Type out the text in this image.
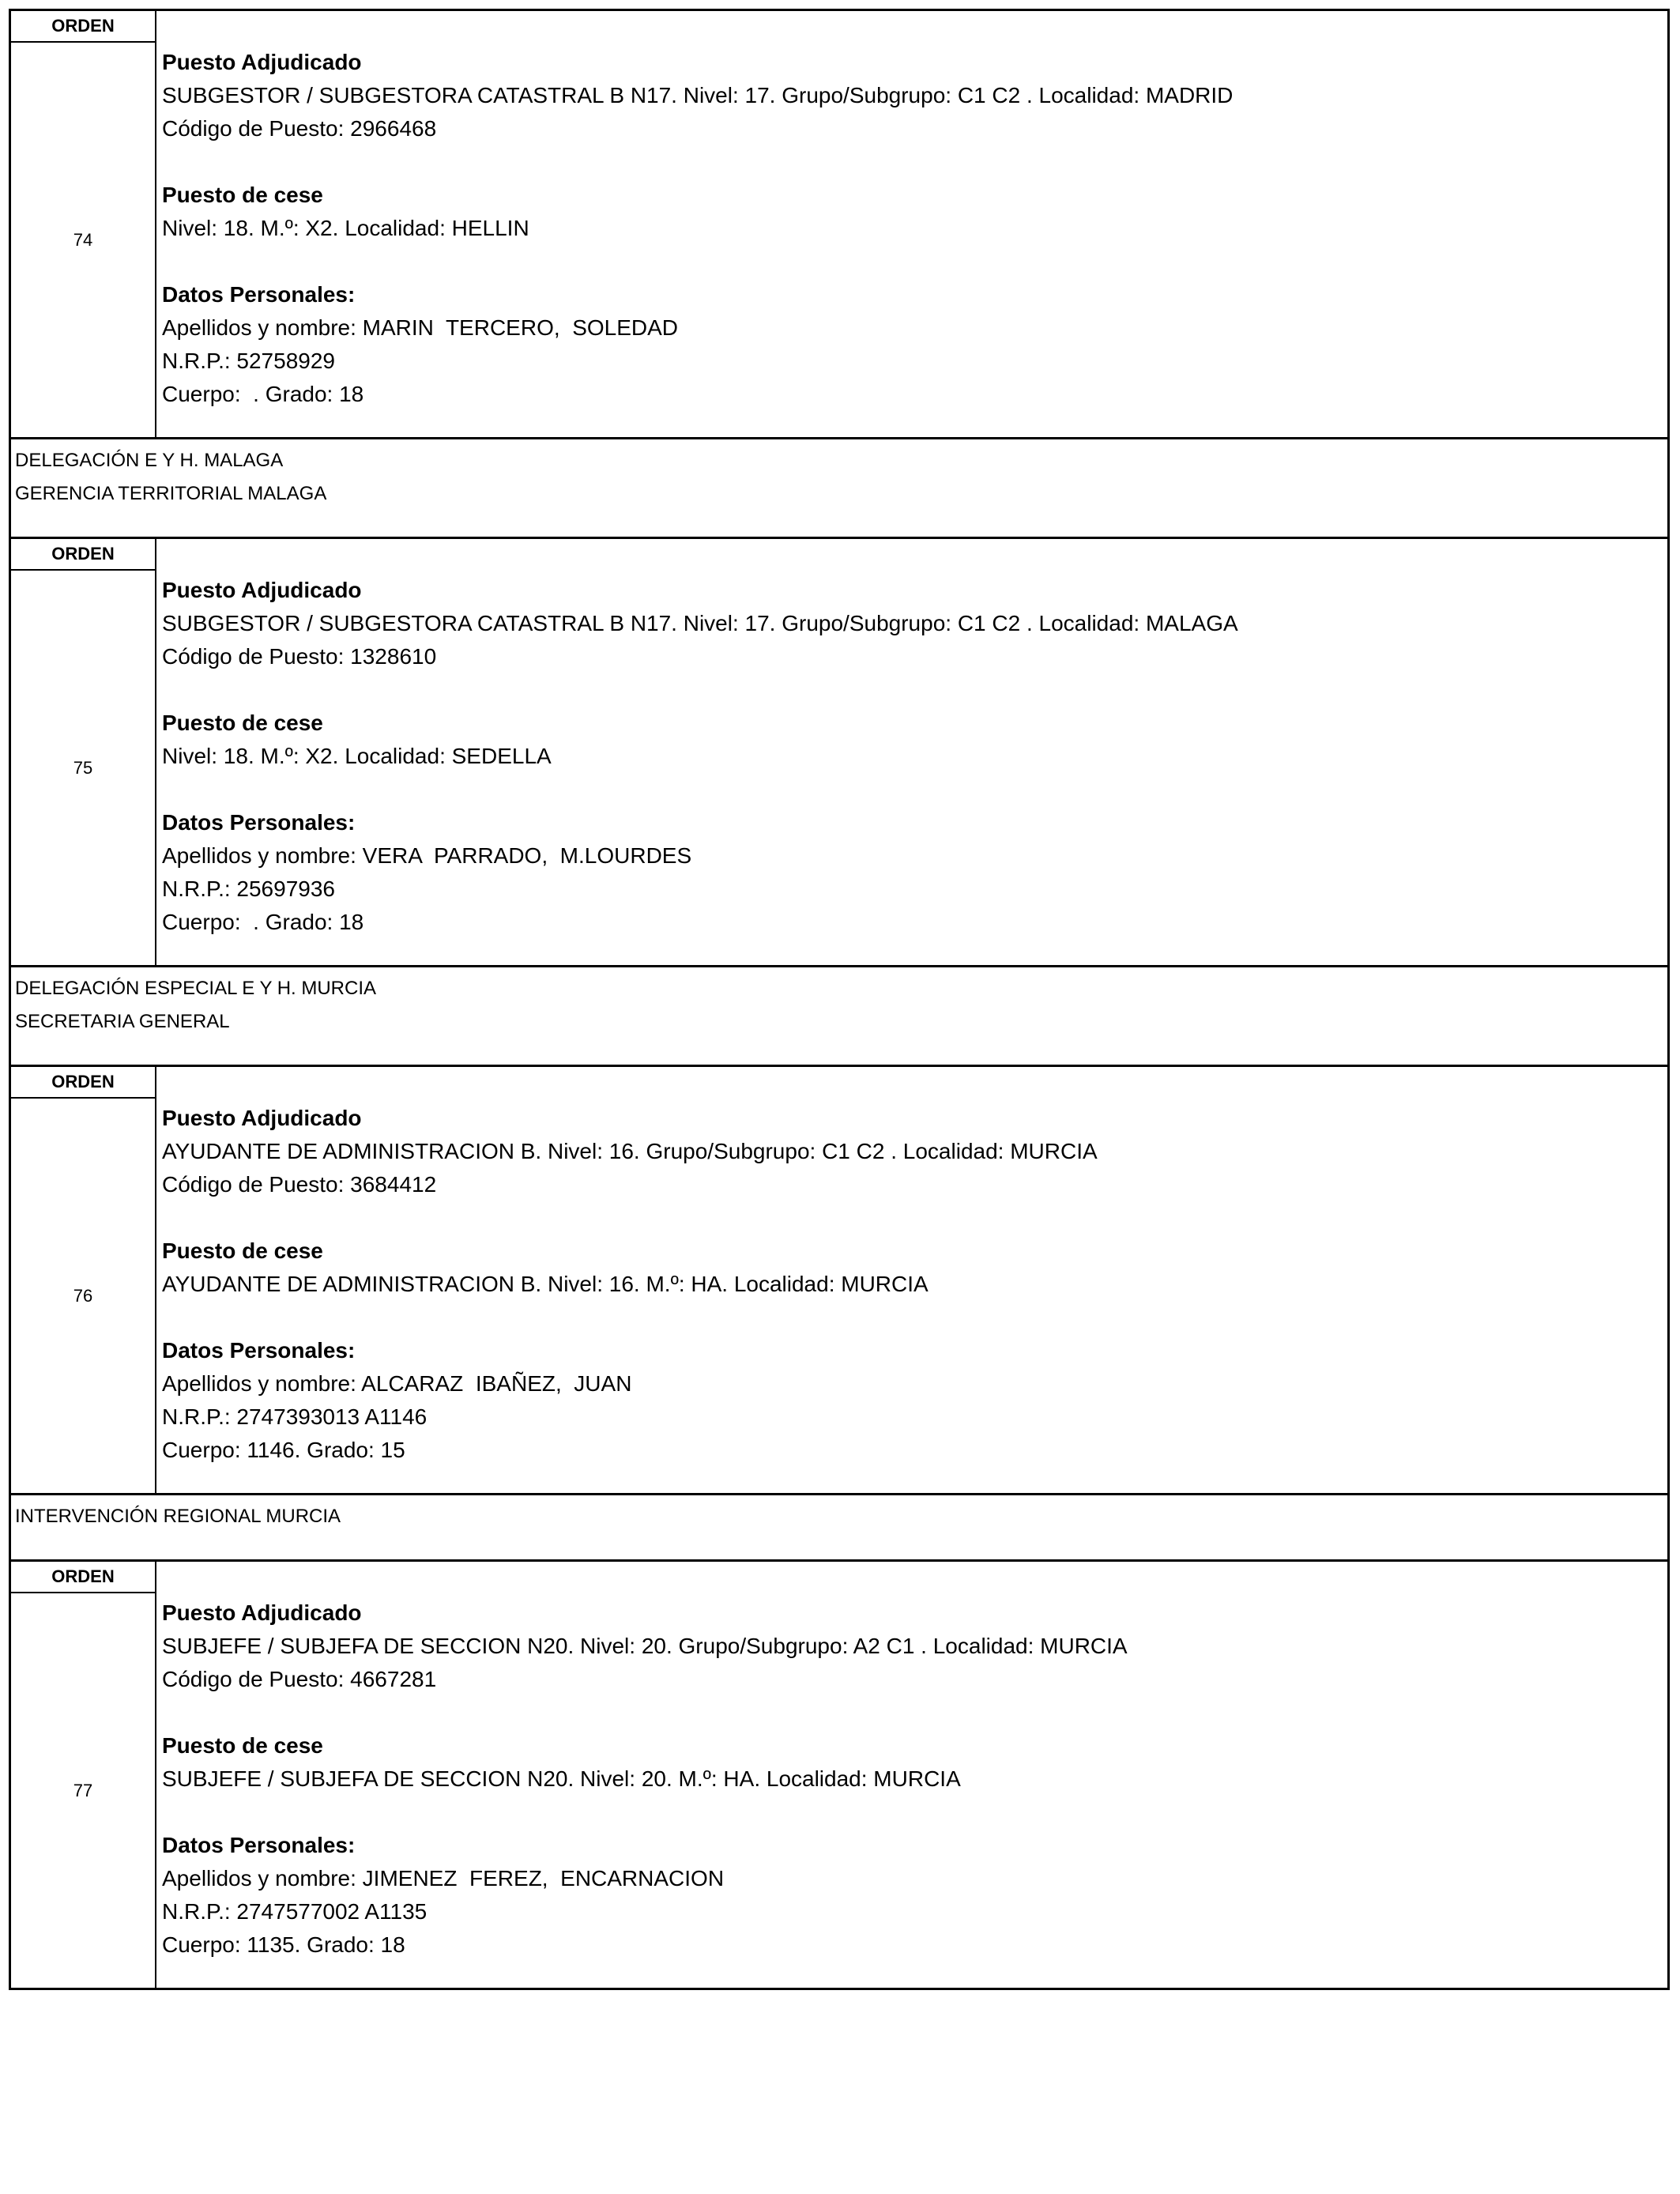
ORDEN
74
Puesto Adjudicado
SUBGESTOR / SUBGESTORA CATASTRAL B N17. Nivel: 17. Grupo/Subgrupo: C1 C2 . Localidad: MADRID
Código de Puesto: 2966468
Puesto de cese
Nivel: 18. M.º: X2. Localidad: HELLIN
Datos Personales:
Apellidos y nombre: MARIN  TERCERO,  SOLEDAD
N.R.P.: 52758929
Cuerpo:  . Grado: 18
DELEGACIÓN E Y H. MALAGA
GERENCIA TERRITORIAL MALAGA
ORDEN
75
Puesto Adjudicado
SUBGESTOR / SUBGESTORA CATASTRAL B N17. Nivel: 17. Grupo/Subgrupo: C1 C2 . Localidad: MALAGA
Código de Puesto: 1328610
Puesto de cese
Nivel: 18. M.º: X2. Localidad: SEDELLA
Datos Personales:
Apellidos y nombre: VERA  PARRADO,  M.LOURDES
N.R.P.: 25697936
Cuerpo:  . Grado: 18
DELEGACIÓN ESPECIAL E Y H. MURCIA
SECRETARIA GENERAL
ORDEN
76
Puesto Adjudicado
AYUDANTE DE ADMINISTRACION B. Nivel: 16. Grupo/Subgrupo: C1 C2 . Localidad: MURCIA
Código de Puesto: 3684412
Puesto de cese
AYUDANTE DE ADMINISTRACION B. Nivel: 16. M.º: HA. Localidad: MURCIA
Datos Personales:
Apellidos y nombre: ALCARAZ  IBAÑEZ,  JUAN
N.R.P.: 2747393013 A1146
Cuerpo: 1146. Grado: 15
INTERVENCIÓN REGIONAL MURCIA
ORDEN
77
Puesto Adjudicado
SUBJEFE / SUBJEFA DE SECCION N20. Nivel: 20. Grupo/Subgrupo: A2 C1 . Localidad: MURCIA
Código de Puesto: 4667281
Puesto de cese
SUBJEFE / SUBJEFA DE SECCION N20. Nivel: 20. M.º: HA. Localidad: MURCIA
Datos Personales:
Apellidos y nombre: JIMENEZ  FEREZ,  ENCARNACION
N.R.P.: 2747577002 A1135
Cuerpo: 1135. Grado: 18
